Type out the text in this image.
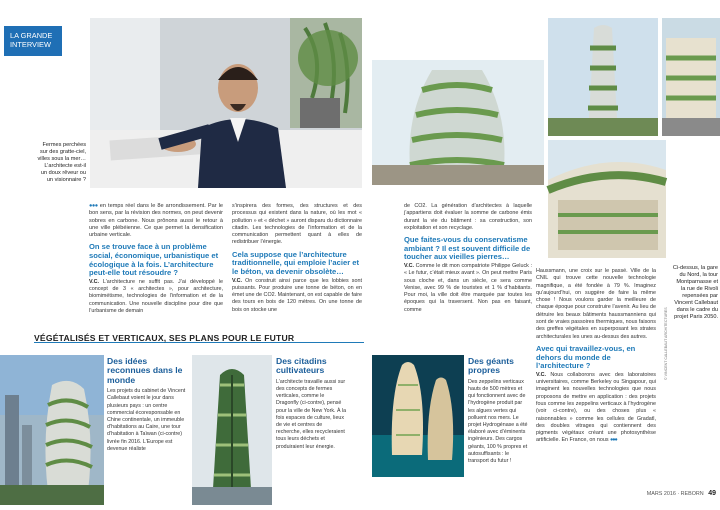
LA GRANDE
INTERVIEW
Fermes perchées
sur des gratte-ciel,
villes sous la mer…
L’architecte est-il
un doux rêveur ou
un visionnaire ?
●●● en temps réel dans le 8e arrondissement. Par le bon sens, par la révision des normes, on peut devenir sobres en carbone. Nous prônons aussi le retour à une ville plébéienne. Ce que permet la densification urbaine verticale.
On se trouve face à un problème social, économique, urbanistique et écologique à la fois. L’architecture peut-elle tout résoudre ?
V.C. L’architecture ne suffit pas. J’ai développé le concept de 3 « architectes », pour architecture, biomimétisme, technologies de l’information et de la communication. Une nouvelle discipline pour dire que l’urbanisme de demain
s’inspirera des formes, des structures et des processus qui existent dans la nature, où les mot « pollution » et « déchet » auront disparu du dictionnaire citadin. Les technologies de l’information et de la communication permettent quant à elles de redistribuer l’énergie.
Cela suppose que l’architecture traditionnelle, qui emploie l’acier et le béton, va devenir obsolète…
V.C. On construit ainsi parce que les lobbies sont puissants. Pour produire une tonne de béton, on en émet une de CO2. Maintenant, on est capable de faire des tours en bois de 120 mètres. On une tonne de bois on stocke une
VÉGÉTALISÉS ET VERTICAUX, SES PLANS POUR LE FUTUR
Des idées reconnues dans le monde
Les projets du cabinet de Vincent Callebaut voient le jour dans plusieurs pays : un centre commercial écoresponsable en Chine continentale, un immeuble d’habitations au Caire, une tour d’habitation à Taïwan (ci-contre) livrée fin 2016. L’Europe est devenue réaliste
Des citadins cultivateurs
L’architecte travaille aussi sur des concepts de fermes verticales, comme le Dragonfly (ci-contre), pensé pour la ville de New York. À la fois espaces de culture, lieux de vie et centres de recherche, elles recycleraient tous leurs déchets et produiraient leur énergie.
© VINCENT CALLEBAUT ARCHITECTURES
Ci-dessus, la gare
du Nord, la tour
Montparnasse et
la rue de Rivoli
repensées par
Vincent Callebaut
dans le cadre du
projet Paris 2050.
de CO2. La génération d’architectes à laquelle j’appartiens doit évaluer la somme de carbone émis durant la vie du bâtiment : sa construction, son exploitation et son recyclage.
Que faites-vous du conservatisme ambiant ? Il est souvent difficile de toucher aux vieilles pierres…
V.C. Comme le dit mon compatriote Philippe Geluck : « Le futur, c’était mieux avant ». On peut mettre Paris sous cloche et, dans un siècle, ce sera comme Venise, avec 99 % de touristes et 1 % d’habitants. Pour moi, la ville doit être marquée par toutes les époques qui la traversent. Non pas en faisant, comme
Haussmann, une croix sur le passé. Ville de la CNIL qui trouve cette nouvelle technologie magnifique, a été fondée à 79 %. Imaginez qu’aujourd’hui, on suggère de faire la même chose ! Nous voulons garder la meilleure de chaque époque pour construire l’avenir. Au lieu de détruire les beaux bâtiments haussmanniens qui sont de vraies passoires thermiques, nous faisons des greffes végétales en superposant les strates architecturales les unes au-dessus des autres.
Avec qui travaillez-vous, en dehors du monde de l’architecture ?
V.C. Nous collaborons avec des laboratoires universitaires, comme Berkeley ou Singapour, qui imaginent les nouvelles technologies que nous proposons de mettre en application : des projets fous comme les zeppelins verticaux à l’hydrogène (voir ci-contre), ou des choses plus « raisonnables » comme les cellules de Gradatl, des doubles vitrages qui contiennent des pigments végétaux créant une photosynthèse artificielle. En France, on nous ●●●
Des géants propres
Des zeppelins verticaux hauts de 500 mètres et qui fonctionnent avec de l’hydrogène produit par les algues vertes qui polluent nos mers. Le projet Hydrogénase a été élaboré avec d’éminents ingénieurs. Des cargos géants, 100 % propres et autosuffisants : le transport du futur !
MARS 2016 · REBORN 49
